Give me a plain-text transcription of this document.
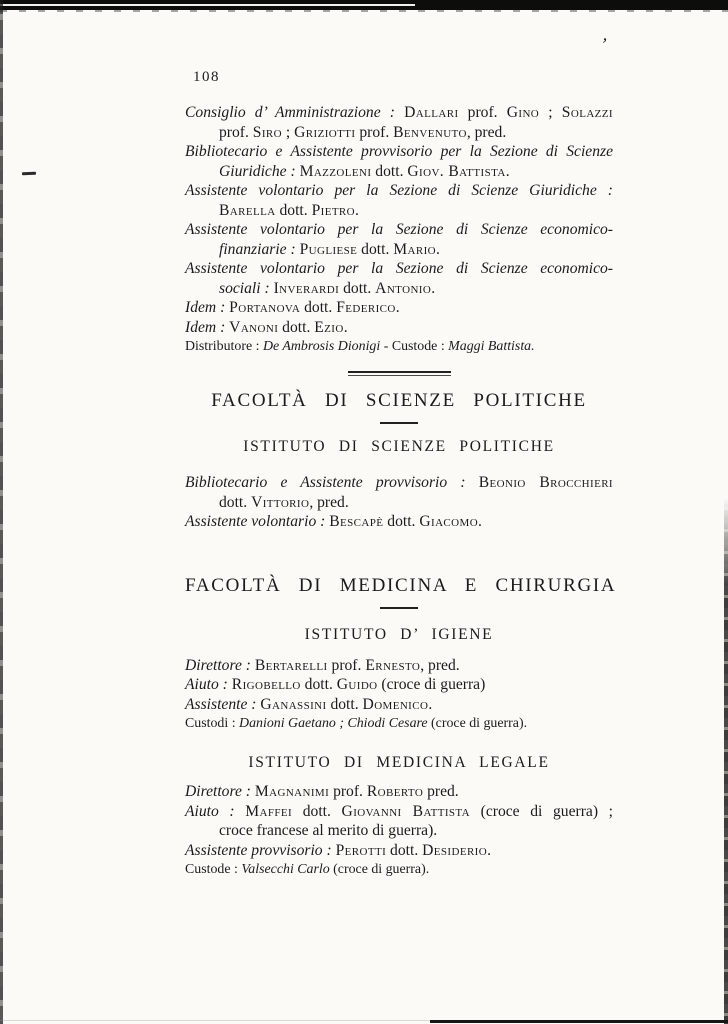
’
108
Consiglio d’ Amministrazione : Dallari prof. Gino ; Solazzi
prof. Siro ; Griziotti prof. Benvenuto, pred.
Bibliotecario e Assistente provvisorio per la Sezione di Scienze
Giuridiche : Mazzoleni dott. Giov. Battista.
Assistente volontario per la Sezione di Scienze Giuridiche :
Barella dott. Pietro.
Assistente volontario per la Sezione di Scienze economico-
finanziarie : Pugliese dott. Mario.
Assistente volontario per la Sezione di Scienze economico-
sociali : Inverardi dott. Antonio.
Idem : Portanova dott. Federico.
Idem : Vanoni dott. Ezio.
Distributore : De Ambrosis Dionigi - Custode : Maggi Battista.
FACOLTÀ DI SCIENZE POLITICHE
ISTITUTO DI SCIENZE POLITICHE
Bibliotecario e Assistente provvisorio : Beonio Brocchieri
dott. Vittorio, pred.
Assistente volontario : Bescapè dott. Giacomo.
FACOLTÀ DI MEDICINA E CHIRURGIA
ISTITUTO D’ IGIENE
Direttore : Bertarelli prof. Ernesto, pred.
Aiuto : Rigobello dott. Guido (croce di guerra)
Assistente : Ganassini dott. Domenico.
Custodi : Danioni Gaetano ; Chiodi Cesare (croce di guerra).
ISTITUTO DI MEDICINA LEGALE
Direttore : Magnanimi prof. Roberto pred.
Aiuto : Maffei dott. Giovanni Battista (croce di guerra) ;
croce francese al merito di guerra).
Assistente provvisorio : Perotti dott. Desiderio.
Custode : Valsecchi Carlo (croce di guerra).
